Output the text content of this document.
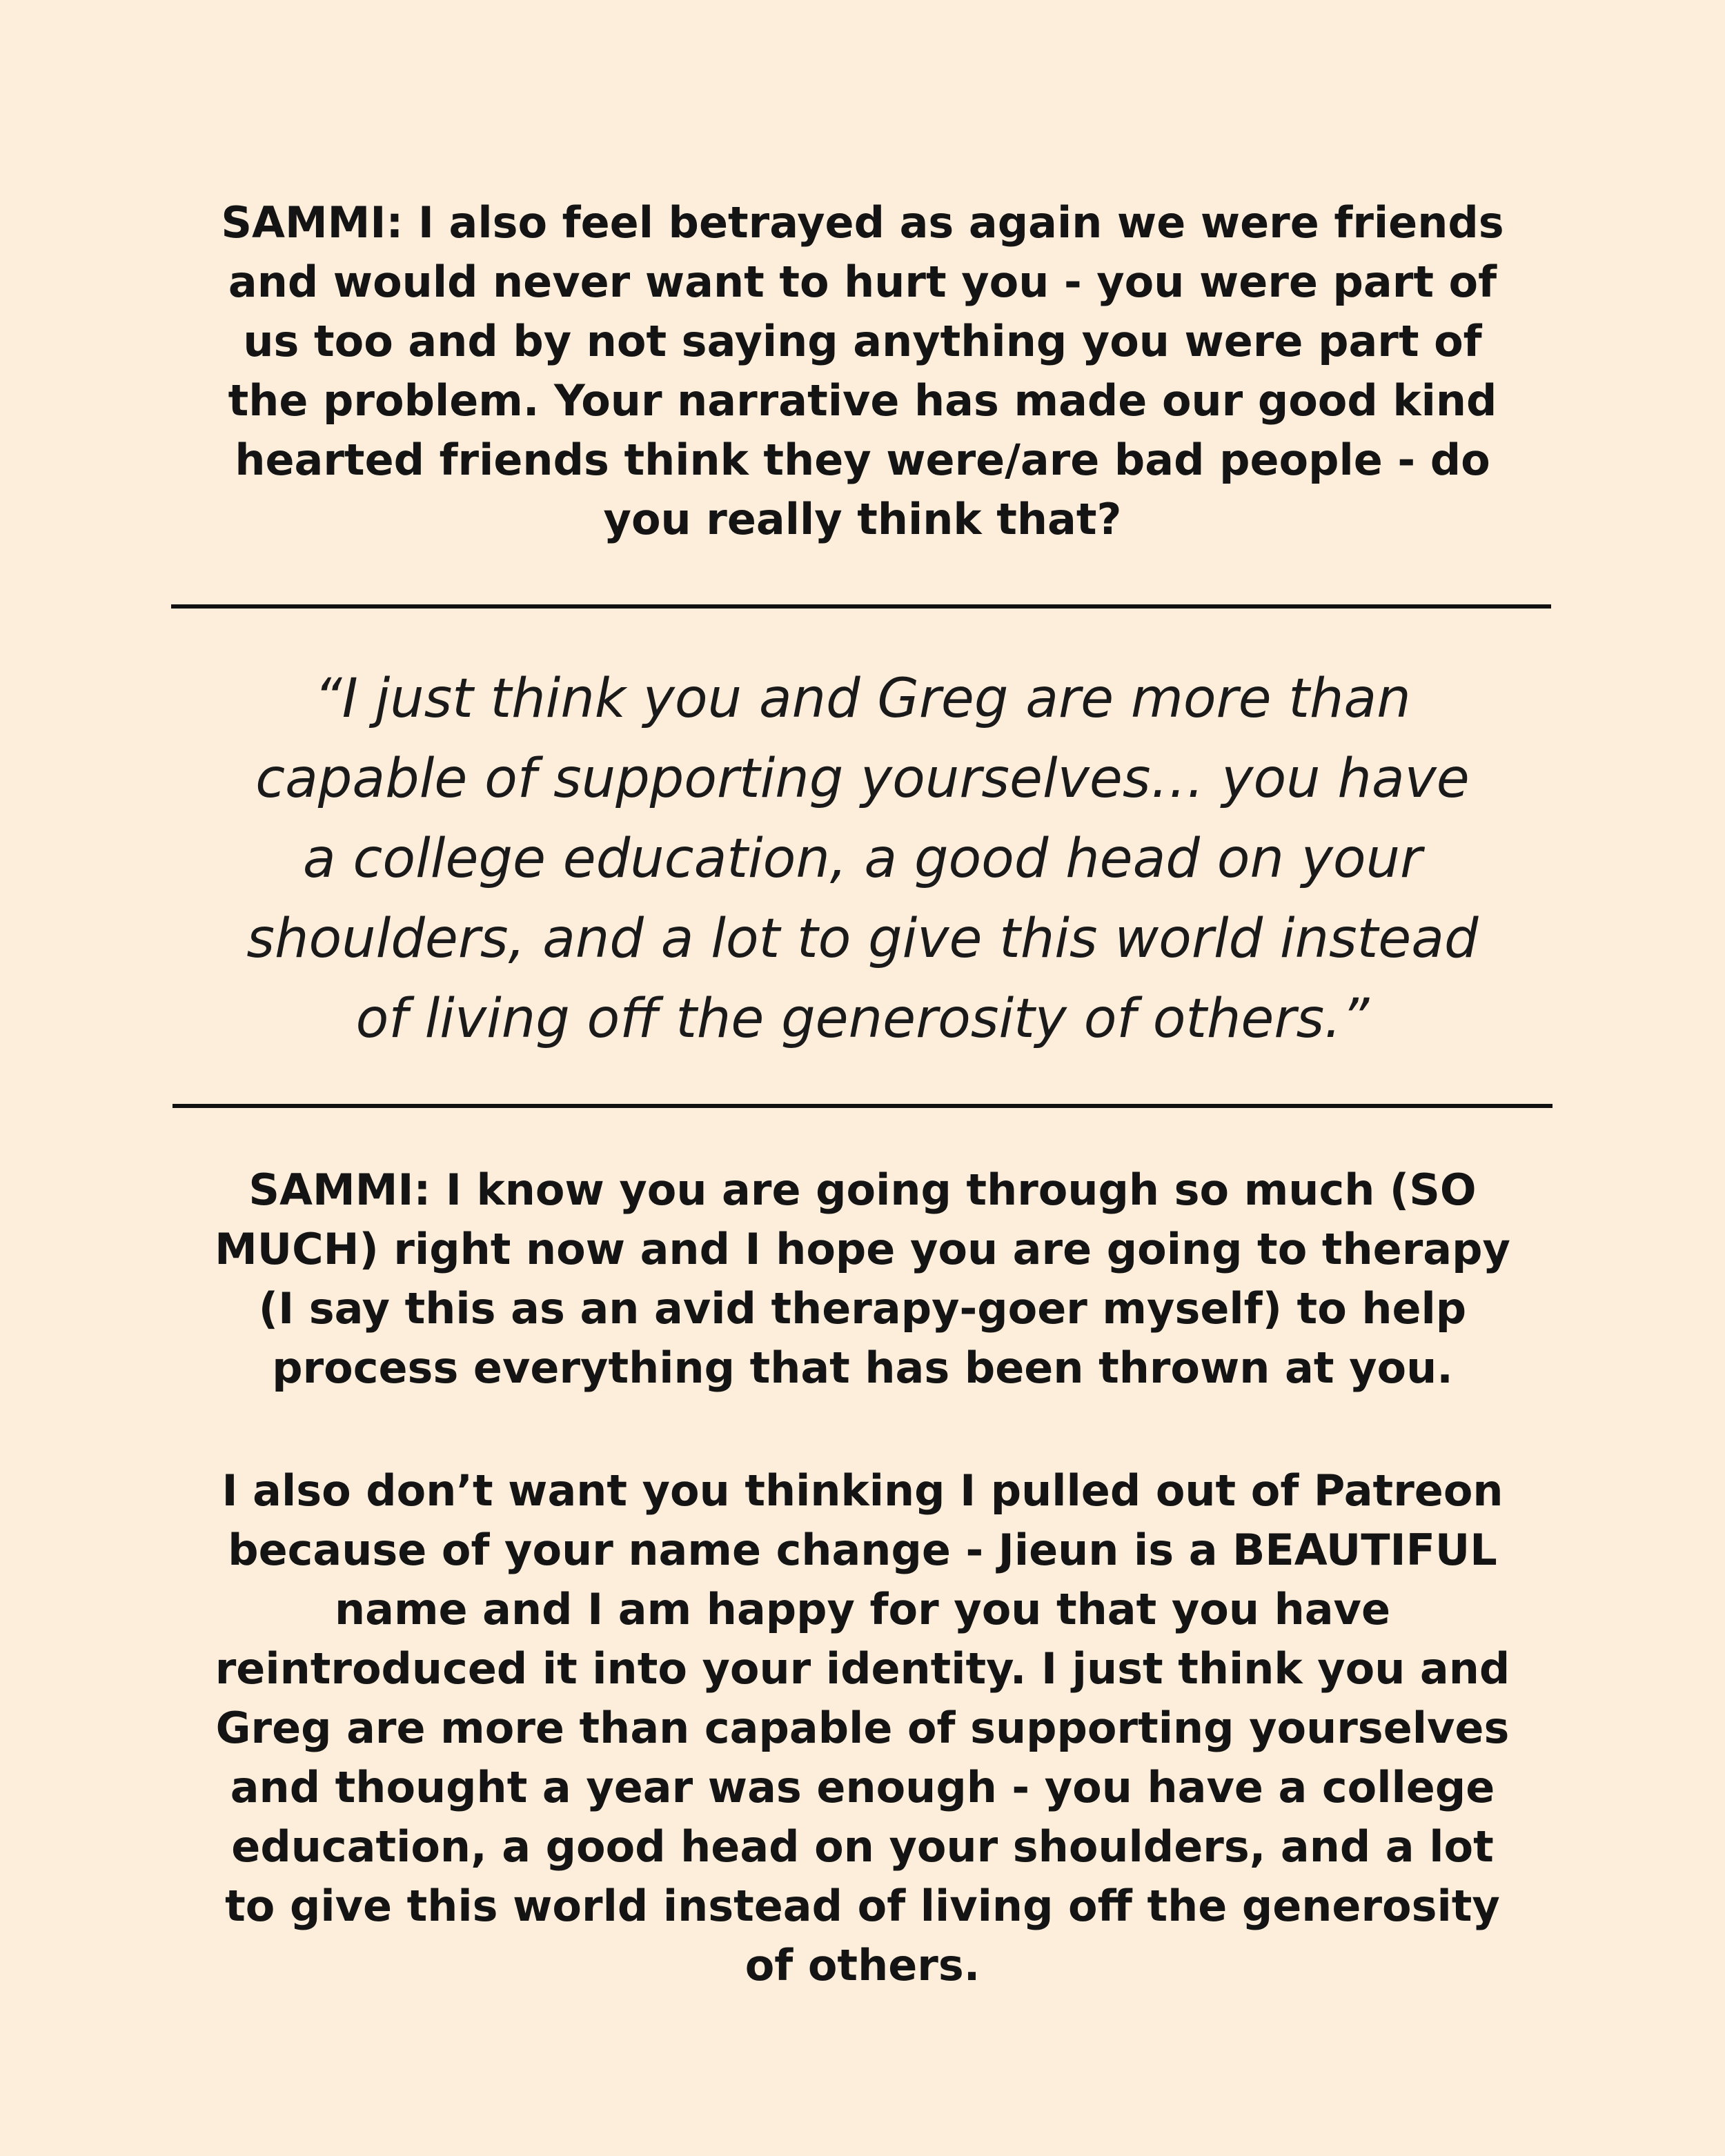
SAMMI: I also feel betrayed as again we were friends
and would never want to hurt you - you were part of
us too and by not saying anything you were part of
the problem. Your narrative has made our good kind
hearted friends think they were/are bad people - do
you really think that?

“I just think you and Greg are more than
capable of supporting yourselves… you have
a college education, a good head on your
shoulders, and a lot to give this world instead
of living off the generosity of others.”

SAMMI: I know you are going through so much (SO
MUCH) right now and I hope you are going to therapy
(I say this as an avid therapy-goer myself) to help
process everything that has been thrown at you.

I also don’t want you thinking I pulled out of Patreon
because of your name change - Jieun is a BEAUTIFUL
name and I am happy for you that you have
reintroduced it into your identity. I just think you and
Greg are more than capable of supporting yourselves
and thought a year was enough - you have a college
education, a good head on your shoulders, and a lot
to give this world instead of living off the generosity
of others.
